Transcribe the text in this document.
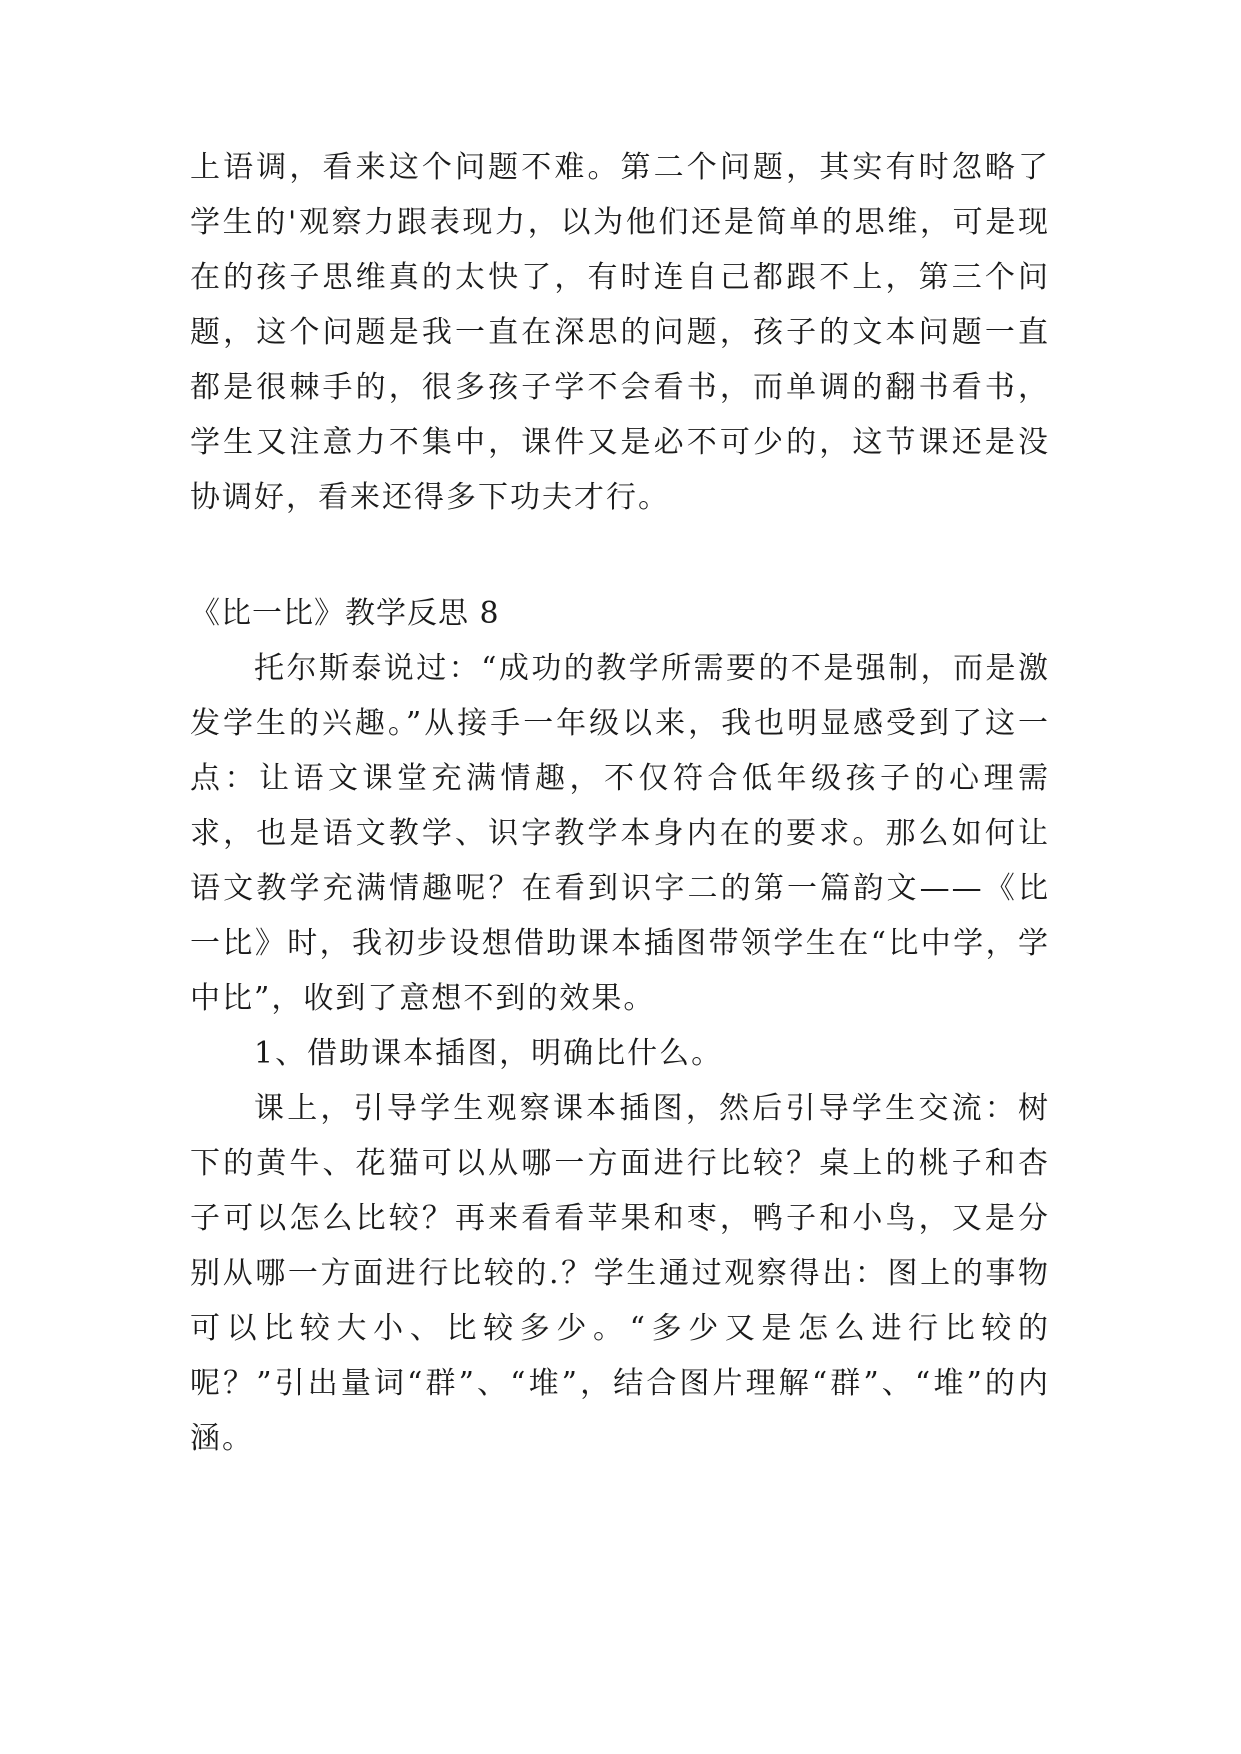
上语调，看来这个问题不难。第二个问题，其实有时忽略了学生的'观察力跟表现力，以为他们还是简单的思维，可是现在的孩子思维真的太快了，有时连自己都跟不上，第三个问题，这个问题是我一直在深思的问题，孩子的文本问题一直都是很棘手的，很多孩子学不会看书，而单调的翻书看书，学生又注意力不集中，课件又是必不可少的，这节课还是没协调好，看来还得多下功夫才行。

《比一比》教学反思 8

托尔斯泰说过：“成功的教学所需要的不是强制，而是激发学生的兴趣。”从接手一年级以来，我也明显感受到了这一点：让语文课堂充满情趣，不仅符合低年级孩子的心理需求，也是语文教学、识字教学本身内在的要求。那么如何让语文教学充满情趣呢？在看到识字二的第一篇韵文——《比一比》时，我初步设想借助课本插图带领学生在“比中学，学中比”，收到了意想不到的效果。

1、借助课本插图，明确比什么。

课上，引导学生观察课本插图，然后引导学生交流：树下的黄牛、花猫可以从哪一方面进行比较？桌上的桃子和杏子可以怎么比较？再来看看苹果和枣，鸭子和小鸟，又是分别从哪一方面进行比较的.？学生通过观察得出：图上的事物可以比较大小、比较多少。“多少又是怎么进行比较的呢？”引出量词“群”、“堆”，结合图片理解“群”、“堆”的内涵。
